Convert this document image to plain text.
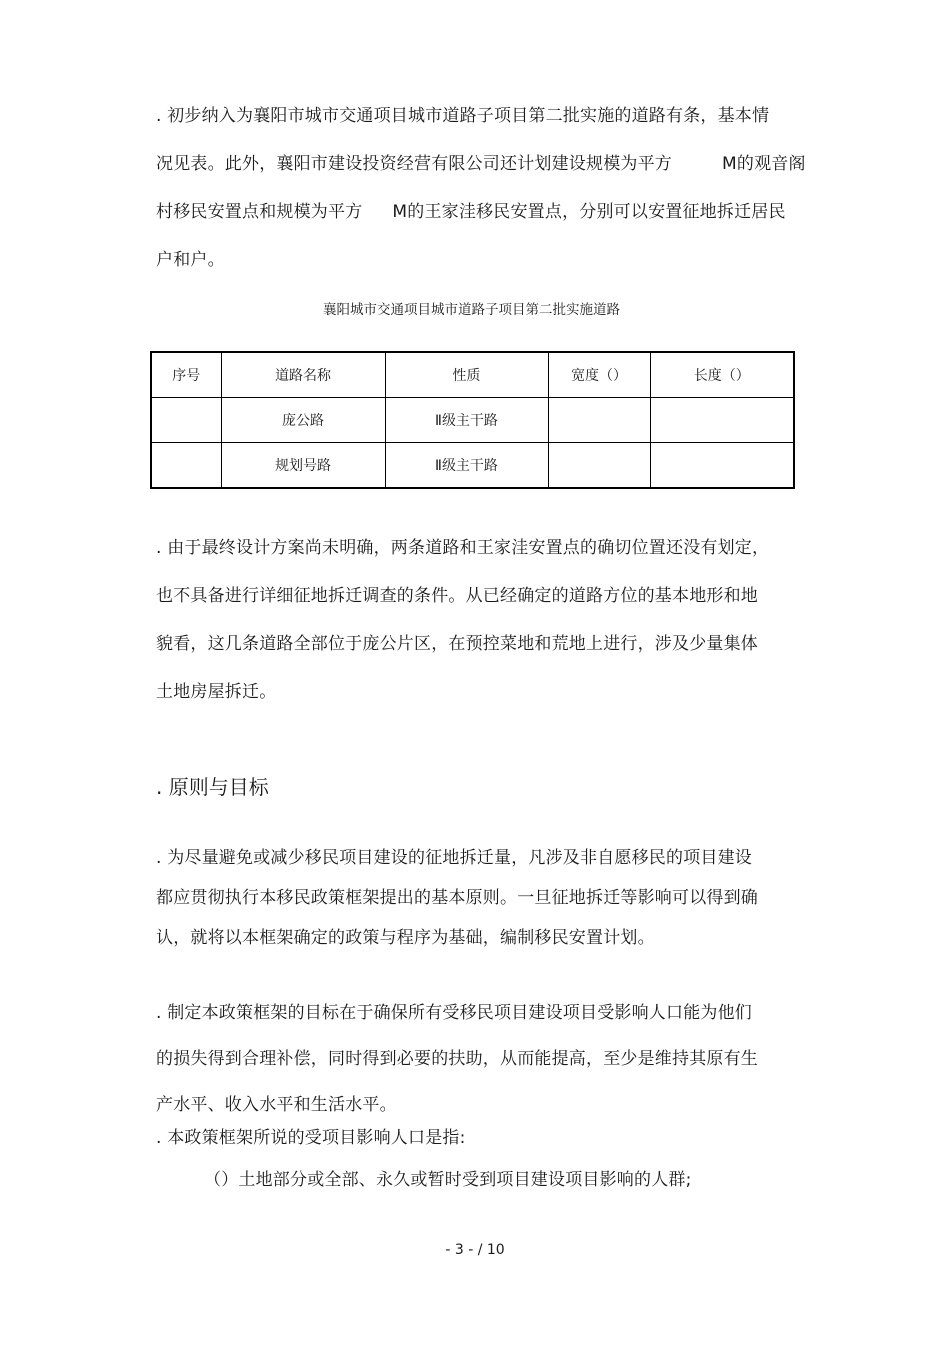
. 初步纳入为襄阳市城市交通项目城市道路子项目第二批实施的道路有条，基本情

况见表。此外，襄阳市建设投资经营有限公司还计划建设规模为平方	M的观音阁

村移民安置点和规模为平方 M的王家洼移民安置点，分别可以安置征地拆迁居民

户和户。

襄阳城市交通项目城市道路子项目第二批实施道路
序号	道路名称	性质	宽度（）	长度（）
	庞公路	Ⅱ级主干路		
	规划号路	Ⅱ级主干路		

. 由于最终设计方案尚未明确，两条道路和王家洼安置点的确切位置还没有划定，

也不具备进行详细征地拆迁调查的条件。从已经确定的道路方位的基本地形和地

貌看，这几条道路全部位于庞公片区，在预控菜地和荒地上进行，涉及少量集体

土地房屋拆迁。

. 原则与目标

. 为尽量避免或减少移民项目建设的征地拆迁量，凡涉及非自愿移民的项目建设

都应贯彻执行本移民政策框架提出的基本原则。一旦征地拆迁等影响可以得到确

认，就将以本框架确定的政策与程序为基础，编制移民安置计划。

. 制定本政策框架的目标在于确保所有受移民项目建设项目受影响人口能为他们

的损失得到合理补偿，同时得到必要的扶助，从而能提高，至少是维持其原有生

产水平、收入水平和生活水平。

. 本政策框架所说的受项目影响人口是指:

（）土地部分或全部、永久或暂时受到项目建设项目影响的人群;

- 3 - / 10
